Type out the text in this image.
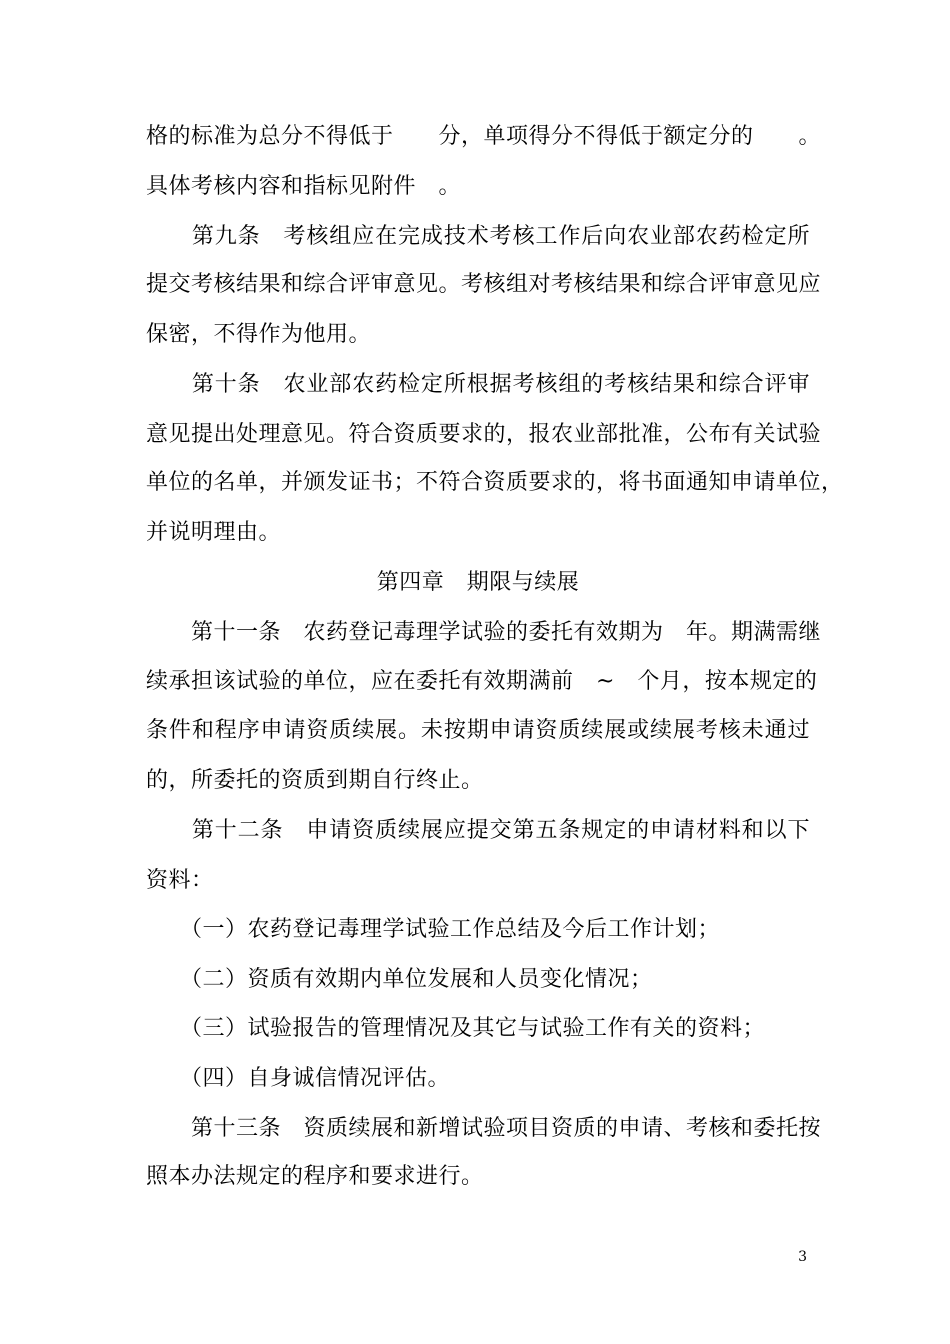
格的标准为总分不得低于　　分，单项得分不得低于额定分的　　。
具体考核内容和指标见附件　。
　　第九条　考核组应在完成技术考核工作后向农业部农药检定所
提交考核结果和综合评审意见。考核组对考核结果和综合评审意见应
保密，不得作为他用。
　　第十条　农业部农药检定所根据考核组的考核结果和综合评审
意见提出处理意见。符合资质要求的，报农业部批准，公布有关试验
单位的名单，并颁发证书；不符合资质要求的，将书面通知申请单位，
并说明理由。
第四章　期限与续展
　　第十一条　农药登记毒理学试验的委托有效期为　年。期满需继
续承担该试验的单位，应在委托有效期满前　~　个月，按本规定的
条件和程序申请资质续展。未按期申请资质续展或续展考核未通过
的，所委托的资质到期自行终止。
　　第十二条　申请资质续展应提交第五条规定的申请材料和以下
资料：
　　（一）农药登记毒理学试验工作总结及今后工作计划；
　　（二）资质有效期内单位发展和人员变化情况；
　　（三）试验报告的管理情况及其它与试验工作有关的资料；
　　（四）自身诚信情况评估。
　　第十三条　资质续展和新增试验项目资质的申请、考核和委托按
照本办法规定的程序和要求进行。
3
